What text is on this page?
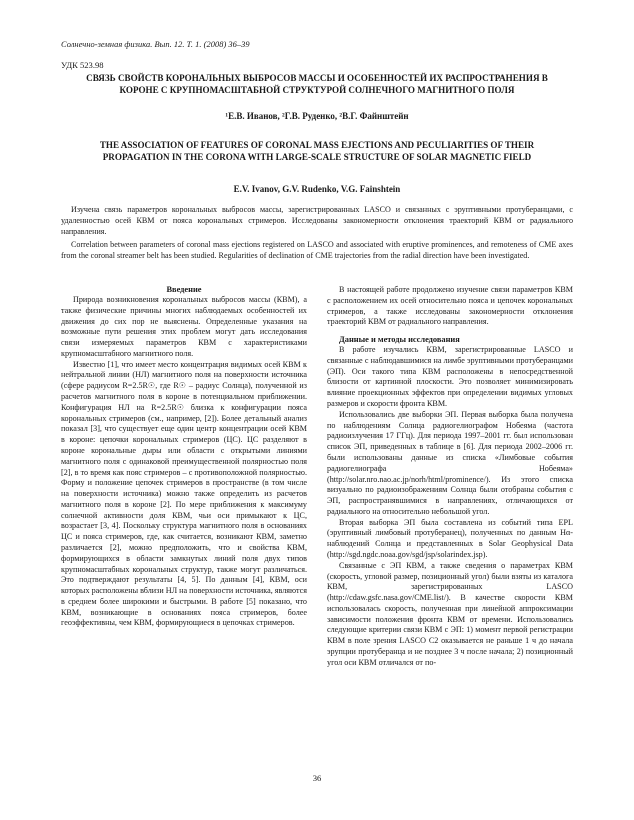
Солнечно-земная физика. Вып. 12. Т. 1. (2008) 36–39
УДК 523.98
СВЯЗЬ СВОЙСТВ КОРОНАЛЬНЫХ ВЫБРОСОВ МАССЫ И ОСОБЕННОСТЕЙ ИХ РАСПРОСТРАНЕНИЯ В КОРОНЕ С КРУПНОМАСШТАБНОЙ СТРУКТУРОЙ СОЛНЕЧНОГО МАГНИТНОГО ПОЛЯ
¹Е.В. Иванов, ²Г.В. Руденко, ²В.Г. Файнштейн
THE ASSOCIATION OF FEATURES OF CORONAL MASS EJECTIONS AND PECULIARITIES OF THEIR PROPAGATION IN THE CORONA WITH LARGE-SCALE STRUCTURE OF SOLAR MAGNETIC FIELD
E.V. Ivanov, G.V. Rudenko, V.G. Fainshtein
Изучена связь параметров корональных выбросов массы, зарегистрированных LASCO и связанных с эруптивными протуберанцами, с удаленностью осей КВМ от пояса корональных стримеров. Исследованы закономерности отклонения траекторий КВМ от радиального направления.
Correlation between parameters of coronal mass ejections registered on LASCO and associated with eruptive prominences, and remoteness of CME axes from the coronal streamer belt has been studied. Regularities of declination of CME trajectories from the radial direction have been investigated.

Введение

Природа возникновения корональных выбросов массы (КВМ), а также физические причины многих наблюдаемых особенностей их движения до сих пор не выяснены. Определенные указания на возможные пути решения этих проблем могут дать исследования связи измеряемых параметров КВМ с характеристиками крупномасштабного магнитного поля.

Известно [1], что имеет место концентрация видимых осей КВМ к нейтральной линии (НЛ) магнитного поля на поверхности источника (сфере радиусом R=2.5R☉, где R☉ – радиус Солнца), полученной из расчетов магнитного поля в короне в потенциальном приближении. Конфигурация НЛ на R=2.5R☉ близка к конфигурации пояса корональных стримеров (см., например, [2]). Более детальный анализ показал [3], что существует еще один центр концентрации осей КВМ в короне: цепочки корональных стримеров (ЦС). ЦС разделяют в короне корональные дыры или области с открытыми линиями магнитного поля с одинаковой преимущественной полярностью поля [2], в то время как пояс стримеров – с противоположной полярностью. Форму и положение цепочек стримеров в пространстве (в том числе на поверхности источника) можно также определить из расчетов магнитного поля в короне [2]. По мере приближения к максимуму солнечной активности доля КВМ, чьи оси примыкают к ЦС, возрастает [3, 4]. Поскольку структура магнитного поля в основаниях ЦС и пояса стримеров, где, как считается, возникают КВМ, заметно различается [2], можно предположить, что и свойства КВМ, формирующихся в области замкнутых линий поля двух типов крупномасштабных корональных структур, также могут различаться. Это подтверждают результаты [4, 5]. По данным [4], КВМ, оси которых расположены вблизи НЛ на поверхности источника, являются в среднем более широкими и быстрыми. В работе [5] показано, что КВМ, возникающие в основаниях пояса стримеров, более геоэффективны, чем КВМ, формирующиеся в цепочках стримеров.

В настоящей работе продолжено изучение связи параметров КВМ с расположением их осей относительно пояса и цепочек корональных стримеров, а также исследованы закономерности отклонения траекторий КВМ от радиального направления.

Данные и методы исследования

В работе изучались КВМ, зарегистрированные LASCO и связанные с наблюдавшимися на лимбе эруптивными протуберанцами (ЭП). Оси такого типа КВМ расположены в непосредственной близости от картинной плоскости. Это позволяет минимизировать влияние проекционных эффектов при определении видимых угловых размеров и скорости фронта КВМ.

Использовались две выборки ЭП. Первая выборка была получена по наблюдениям Солнца радиогелиографом Нобеяма (частота радиоизлучения 17 ГГц). Для периода 1997–2001 гг. был использован список ЭП, приведенных в таблице в [6]. Для периода 2002–2006 гг. были использованы данные из списка «Лимбовые события радиогелиографа Нобеяма» (http://solar.nro.nao.ac.jp/norh/html/prominence/). Из этого списка визуально по радиоизображениям Солнца были отобраны события с ЭП, распространявшимися в направлениях, отличающихся от радиального на относительно небольшой угол.

Вторая выборка ЭП была составлена из событий типа EPL (эруптивный лимбовый протуберанец), полученных по данным Hα-наблюдений Солнца и представленных в Solar Geophysical Data (http://sgd.ngdc.noaa.gov/sgd/jsp/solarindex.jsp).

Связанные с ЭП КВМ, а также сведения о параметрах КВМ (скорость, угловой размер, позиционный угол) были взяты из каталога КВМ, зарегистрированных LASCO (http://cdaw.gsfc.nasa.gov/CME.list/). В качестве скорости КВМ использовалась скорость, полученная при линейной аппроксимации зависимости положения фронта КВМ от времени. Использовались следующие критерии связи КВМ с ЭП: 1) момент первой регистрации КВМ в поле зрения LASCO C2 оказывается не раньше 1 ч до начала эрупции протуберанца и не позднее 3 ч после начала; 2) позиционный угол оси КВМ отличался от по-

36
